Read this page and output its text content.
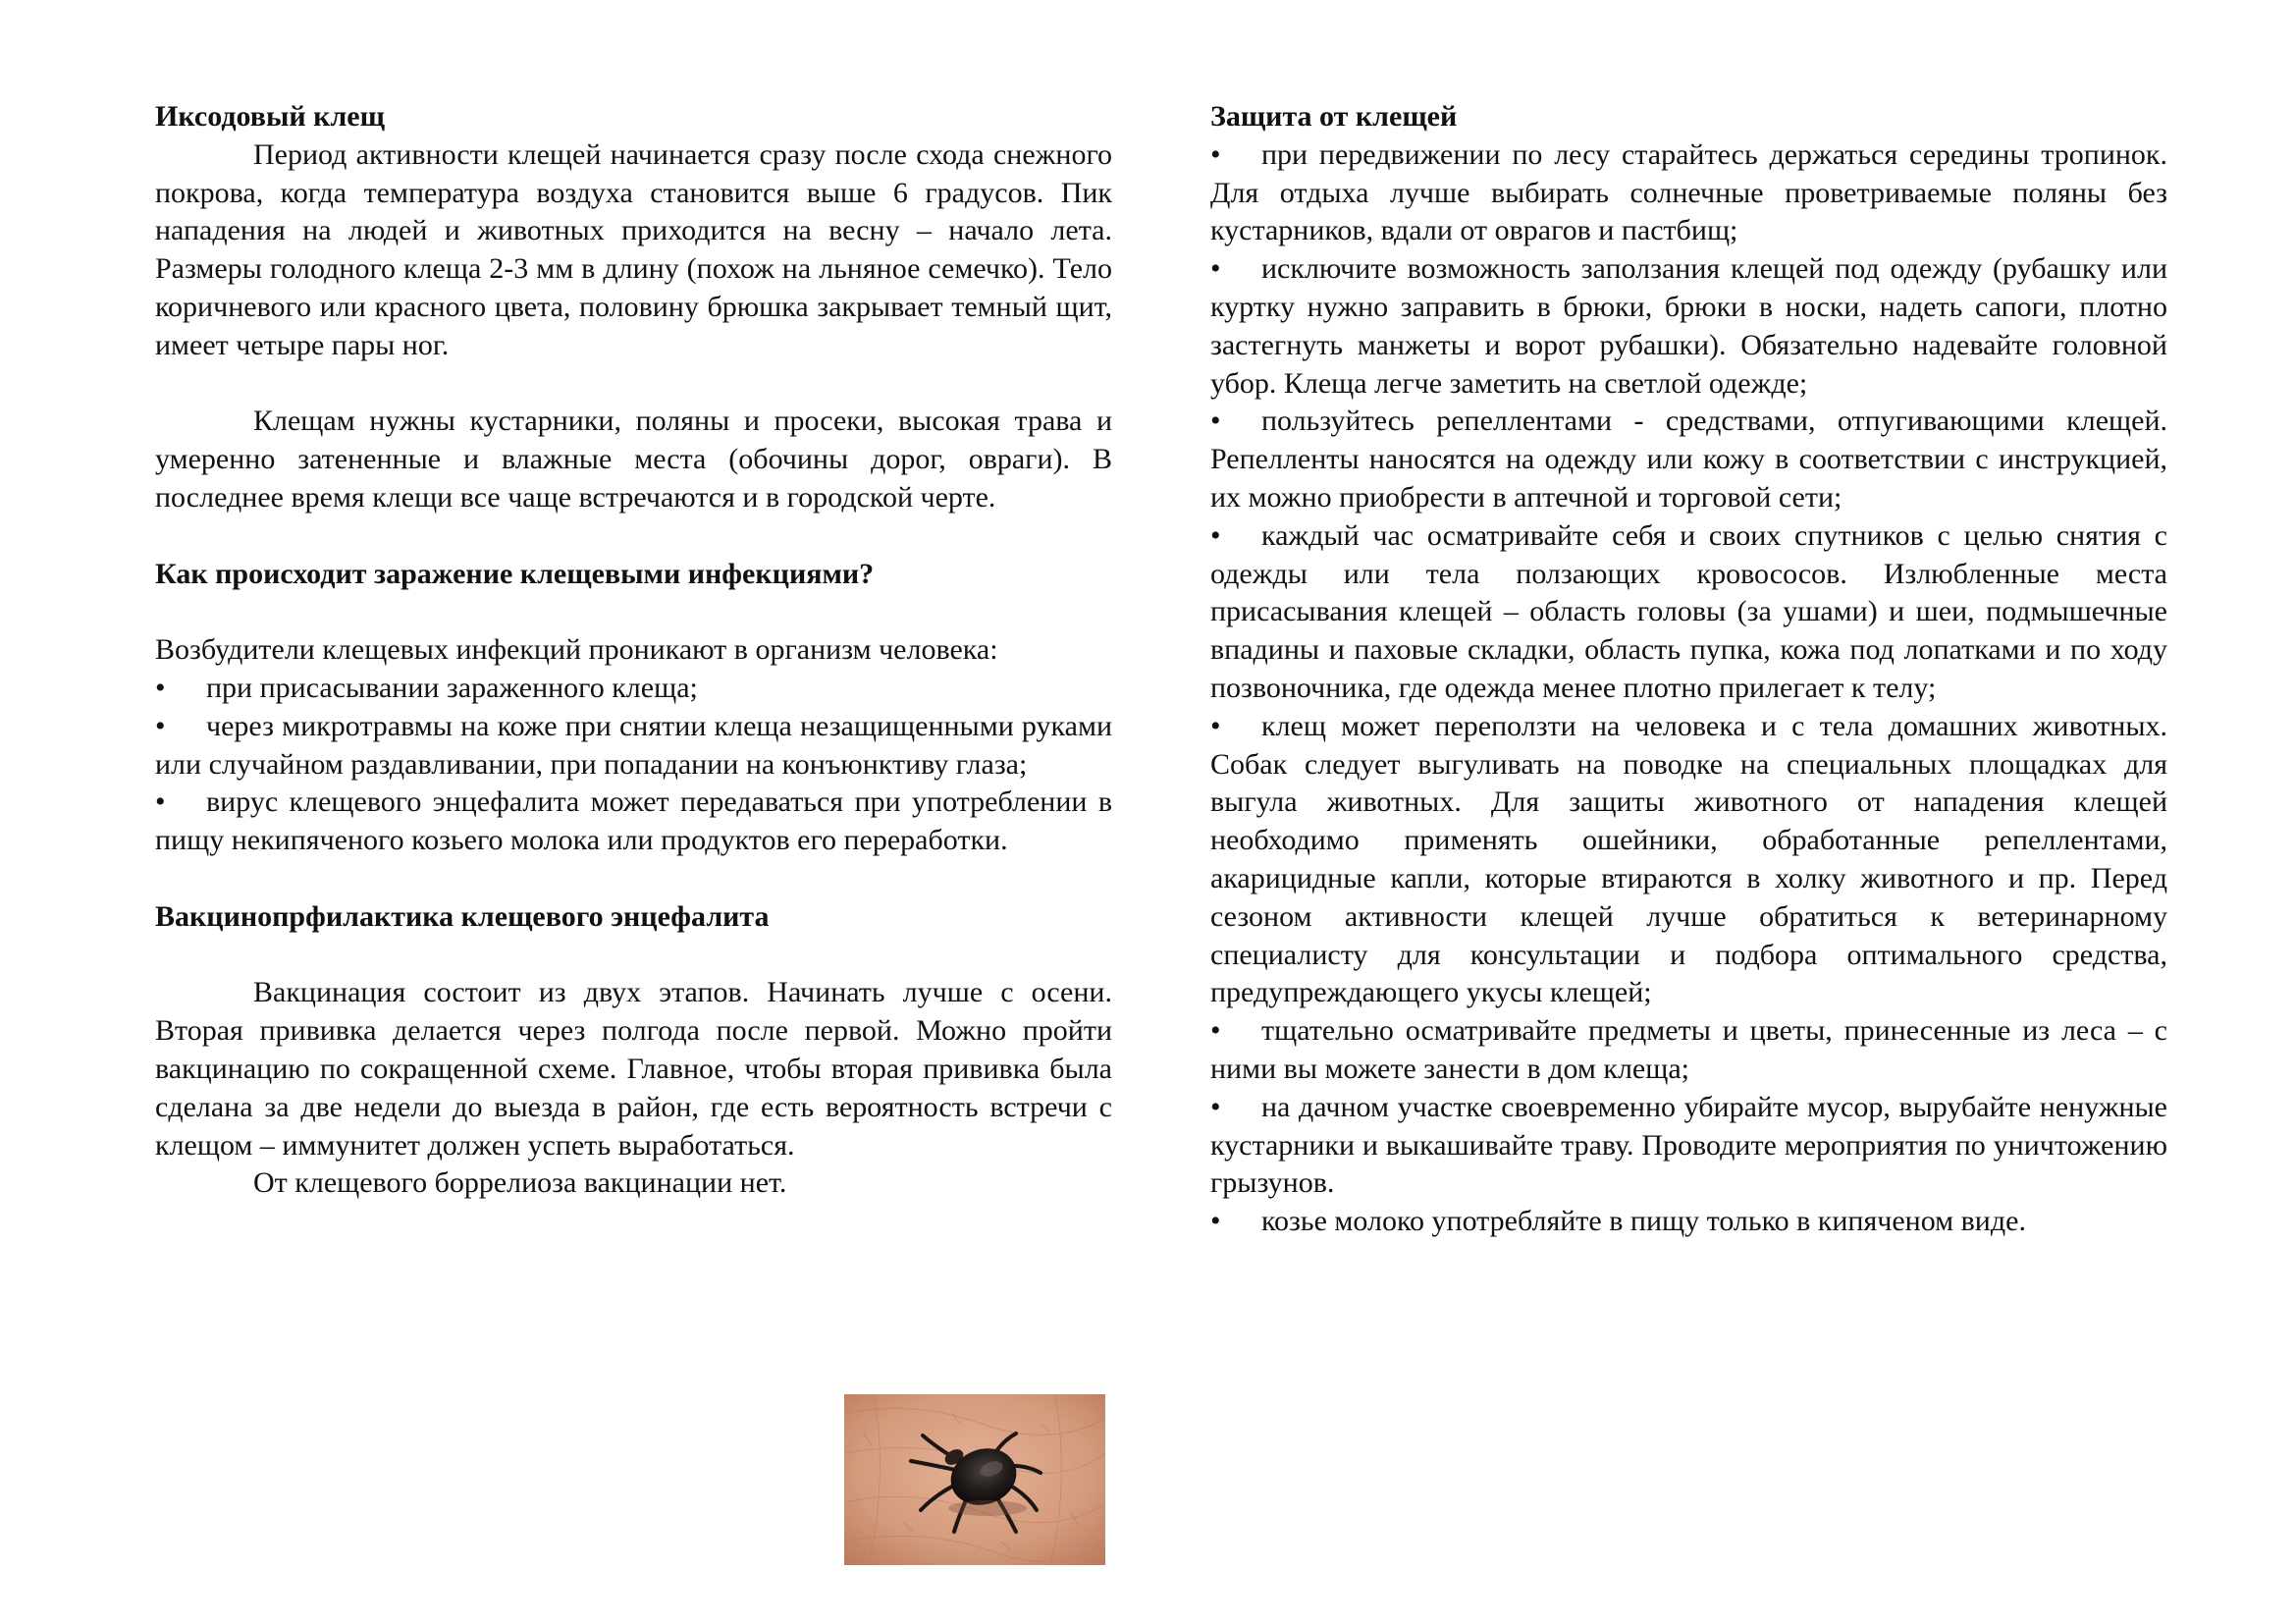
Иксодовый клещ

Период активности клещей начинается сразу после схода снежного покрова, когда температура воздуха становится выше 6 градусов. Пик нападения на людей и животных приходится на весну – начало лета. Размеры голодного клеща 2-3 мм в длину (похож на льняное семечко). Тело коричневого или красного цвета, половину брюшка закрывает темный щит, имеет четыре пары ног.

Клещам нужны кустарники, поляны и просеки, высокая трава и умеренно затененные и влажные места (обочины дорог, овраги). В последнее время клещи все чаще встречаются и в городской черте.

Как происходит заражение клещевыми инфекциями?

Возбудители клещевых инфекций проникают в организм человека:

• при присасывании зараженного клеща;
• через микротравмы на коже при снятии клеща незащищенными руками или случайном раздавливании, при попадании на конъюнктиву глаза;
• вирус клещевого энцефалита может передаваться при употреблении в пищу некипяченого козьего молока или продуктов его переработки.

Вакцинопрфилактика клещевого энцефалита

Вакцинация состоит из двух этапов. Начинать лучше с осени. Вторая прививка делается через полгода после первой. Можно пройти вакцинацию по сокращенной схеме. Главное, чтобы вторая прививка была сделана за две недели до выезда в район, где есть вероятность встречи с клещом – иммунитет должен успеть выработаться.

От клещевого боррелиоза вакцинации нет.

Защита от клещей

• при передвижении по лесу старайтесь держаться середины тропинок. Для отдыха лучше выбирать солнечные проветриваемые поляны без кустарников, вдали от оврагов и пастбищ;
• исключите возможность заползания клещей под одежду (рубашку или куртку нужно заправить в брюки, брюки в носки, надеть сапоги, плотно застегнуть манжеты и ворот рубашки). Обязательно надевайте головной убор. Клеща легче заметить на светлой одежде;
• пользуйтесь репеллентами - средствами, отпугивающими клещей. Репелленты наносятся на одежду или кожу в соответствии с инструкцией, их можно приобрести в аптечной и торговой сети;
• каждый час осматривайте себя и своих спутников с целью снятия с одежды или тела ползающих кровососов. Излюбленные места присасывания клещей – область головы (за ушами) и шеи, подмышечные впадины и паховые складки, область пупка, кожа под лопатками и по ходу позвоночника, где одежда менее плотно прилегает к телу;
• клещ может переползти на человека и с тела домашних животных. Собак следует выгуливать на поводке на специальных площадках для выгула животных. Для защиты животного от нападения клещей необходимо применять ошейники, обработанные репеллентами, акарицидные капли, которые втираются в холку животного и пр. Перед сезоном активности клещей лучше обратиться к ветеринарному специалисту для консультации и подбора оптимального средства, предупреждающего укусы клещей;
• тщательно осматривайте предметы и цветы, принесенные из леса – с ними вы можете занести в дом клеща;
• на дачном участке своевременно убирайте мусор, вырубайте ненужные кустарники и выкашивайте траву. Проводите мероприятия по уничтожению грызунов.
• козье молоко употребляйте в пищу только в кипяченом виде.
